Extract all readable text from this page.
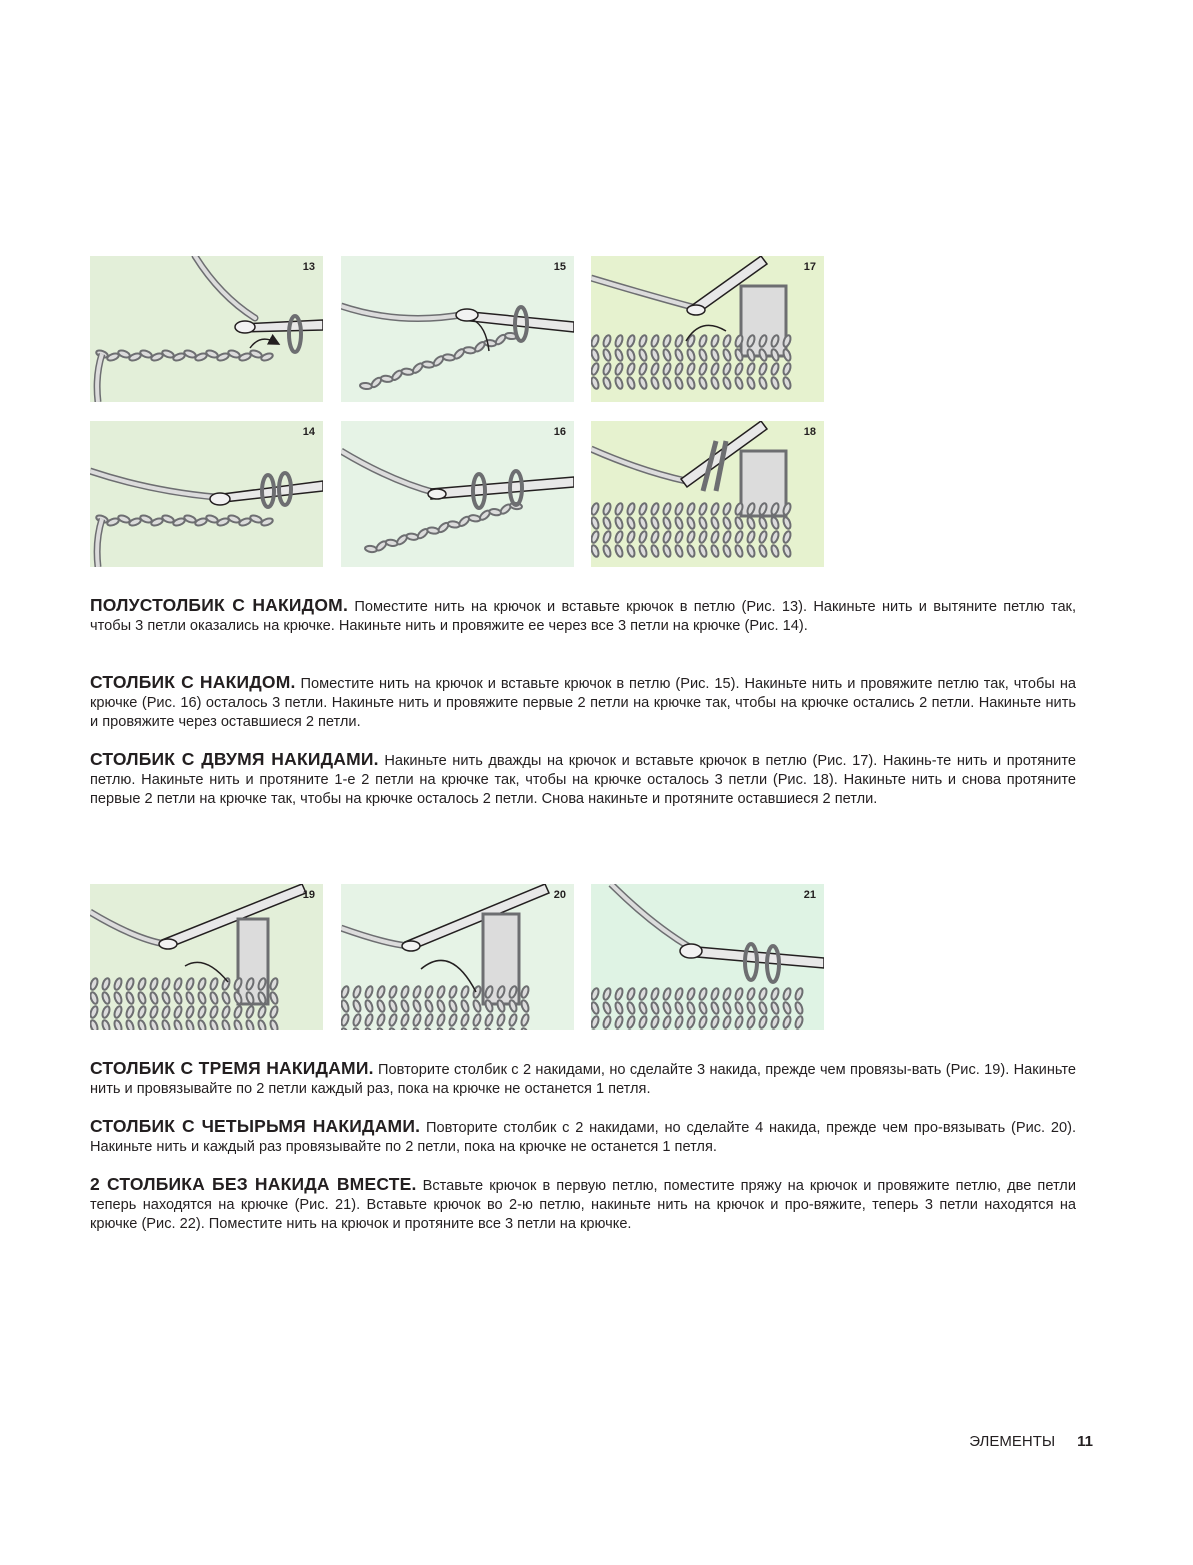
13	15	17
14	16	18
19	20	21

ПОЛУСТОЛБИК С НАКИДОМ. Поместите нить на крючок и вставьте крючок в петлю (Рис. 13). Накиньте нить и вытяните петлю так, чтобы 3 петли оказались на крючке. Накиньте нить и провяжите ее через все 3 петли на крючке (Рис. 14).

СТОЛБИК С НАКИДОМ. Поместите нить на крючок и вставьте крючок в петлю (Рис. 15). Накиньте нить и провяжите петлю так, чтобы на крючке (Рис. 16) осталось 3 петли. Накиньте нить и провяжите первые 2 петли на крючке так, чтобы на крючке остались 2 петли. Накиньте нить и провяжите через оставшиеся 2 петли.

СТОЛБИК С ДВУМЯ НАКИДАМИ. Накиньте нить дважды на крючок и вставьте крючок в петлю (Рис. 17). Накинь-те нить и протяните петлю. Накиньте нить и протяните 1-е 2 петли на крючке так, чтобы на крючке осталось 3 петли (Рис. 18). Накиньте нить и снова протяните первые 2 петли на крючке так, чтобы на крючке осталось 2 петли. Снова накиньте и протяните оставшиеся 2 петли.

СТОЛБИК С ТРЕМЯ НАКИДАМИ. Повторите столбик с 2 накидами, но сделайте 3 накида, прежде чем провязы-вать (Рис. 19). Накиньте нить и провязывайте по 2 петли каждый раз, пока на крючке не останется 1 петля.

СТОЛБИК С ЧЕТЫРЬМЯ НАКИДАМИ. Повторите столбик с 2 накидами, но сделайте 4 накида, прежде чем про-вязывать (Рис. 20). Накиньте нить и каждый раз провязывайте по 2 петли, пока на крючке не останется 1 петля.

2 СТОЛБИКА БЕЗ НАКИДА ВМЕСТЕ. Вставьте крючок в первую петлю, поместите пряжу на крючок и провяжите петлю, две петли теперь находятся на крючке (Рис. 21). Вставьте крючок во 2-ю петлю, накиньте нить на крючок и про-вяжите, теперь 3 петли находятся на крючке (Рис. 22). Поместите нить на крючок и протяните все 3 петли на крючке.

ЭЛЕМЕНТЫ 11
